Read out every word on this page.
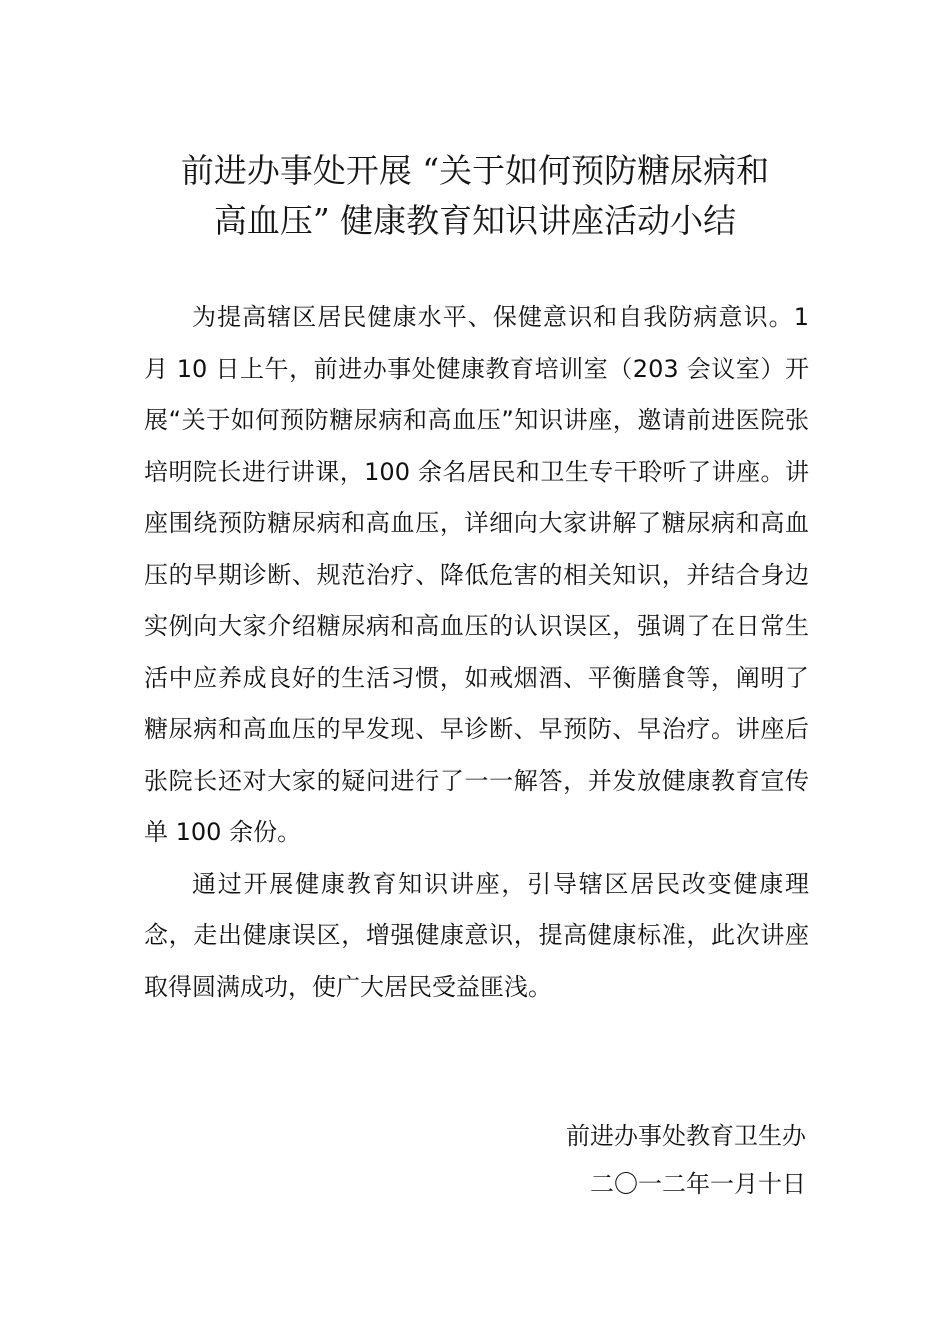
前进办事处开展 “关于如何预防糖尿病和
高血压” 健康教育知识讲座活动小结

为提高辖区居民健康水平、保健意识和自我防病意识。1 月 10 日上午，前进办事处健康教育培训室（203 会议室）开展“关于如何预防糖尿病和高血压”知识讲座，邀请前进医院张培明院长进行讲课，100 余名居民和卫生专干聆听了讲座。讲座围绕预防糖尿病和高血压，详细向大家讲解了糖尿病和高血压的早期诊断、规范治疗、降低危害的相关知识，并结合身边实例向大家介绍糖尿病和高血压的认识误区，强调了在日常生活中应养成良好的生活习惯，如戒烟酒、平衡膳食等，阐明了糖尿病和高血压的早发现、早诊断、早预防、早治疗。讲座后张院长还对大家的疑问进行了一一解答，并发放健康教育宣传单 100 余份。

通过开展健康教育知识讲座，引导辖区居民改变健康理念，走出健康误区，增强健康意识，提高健康标准，此次讲座取得圆满成功，使广大居民受益匪浅。

前进办事处教育卫生办
二〇一二年一月十日
